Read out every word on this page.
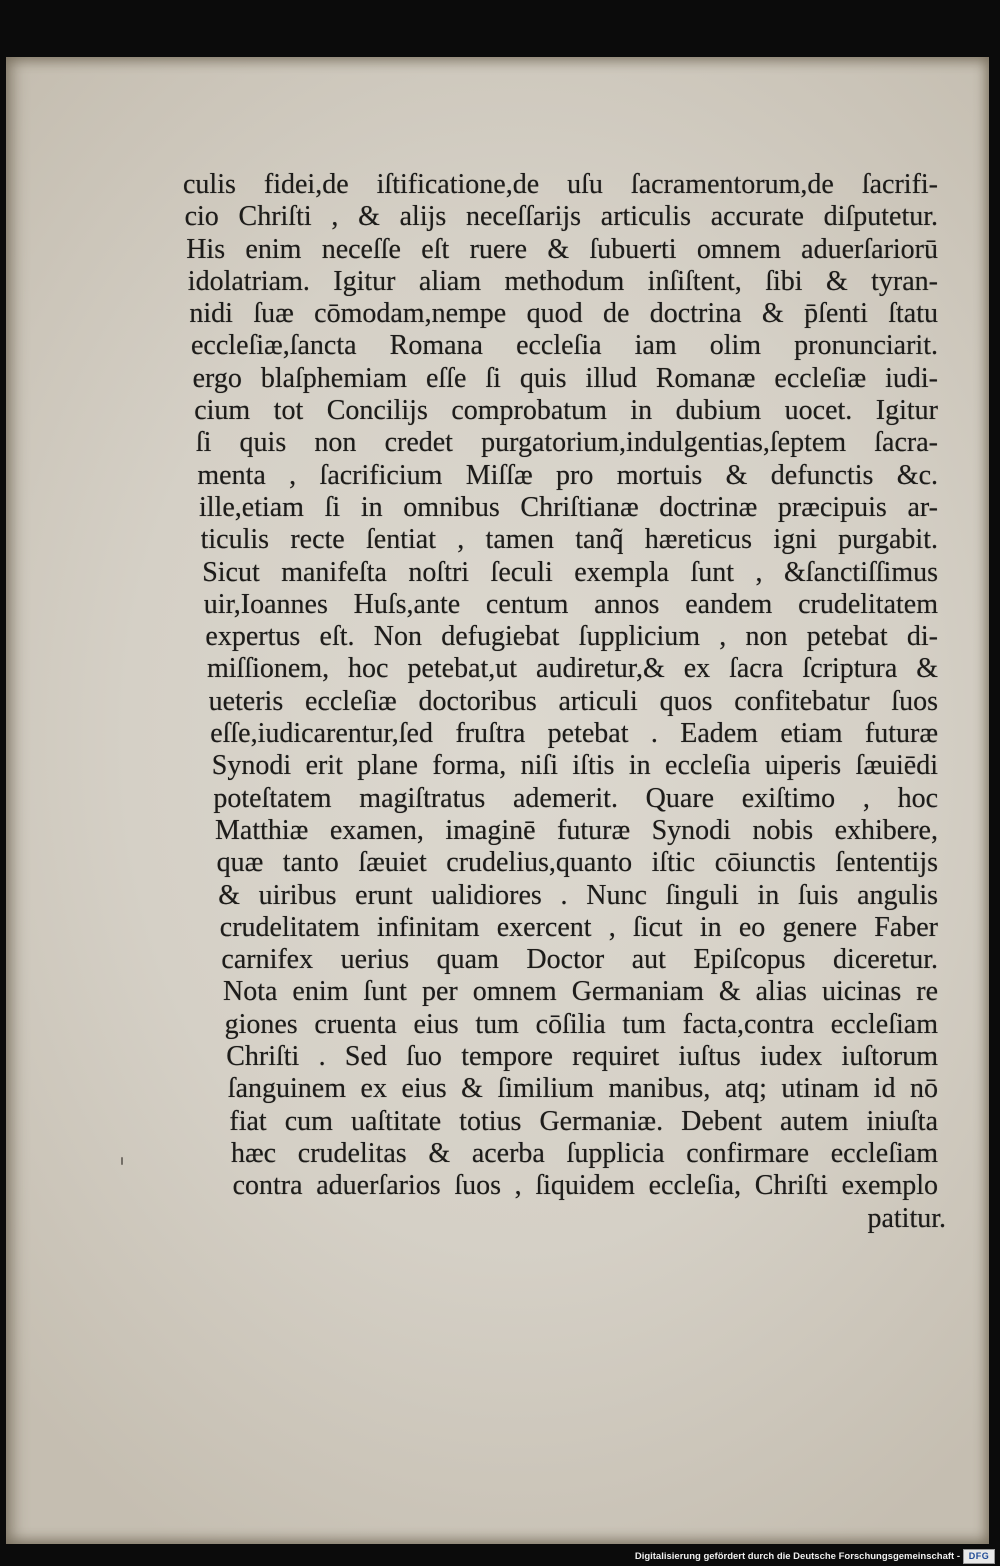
culis fidei,de iſtificatione,de uſu ſacramentorum,de ſacrifi-
cio Chriſti , & alijs neceſſarijs articulis accurate diſputetur.
His enim neceſſe eſt ruere & ſubuerti omnem aduerſariorū
idolatriam. Igitur aliam methodum inſiſtent, ſibi & tyran-
nidi ſuæ cōmodam,nempe quod de doctrina & p̄ſenti ſtatu
eccleſiæ,ſancta Romana eccleſia iam olim pronunciarit.
ergo blaſphemiam eſſe ſi quis illud Romanæ eccleſiæ iudi-
cium tot Concilijs comprobatum in dubium uocet. Igitur
ſi quis non credet purgatorium,indulgentias,ſeptem ſacra-
menta , ſacrificium Miſſæ pro mortuis & defunctis &c.
ille,etiam ſi in omnibus Chriſtianæ doctrinæ præcipuis ar-
ticulis recte ſentiat , tamen tanq̃ hæreticus igni purgabit.
Sicut manifeſta noſtri ſeculi exempla ſunt , &ſanctiſſimus
uir,Ioannes Huſs,ante centum annos eandem crudelitatem
expertus eſt. Non defugiebat ſupplicium , non petebat di-
miſſionem, hoc petebat,ut audiretur,& ex ſacra ſcriptura &
ueteris eccleſiæ doctoribus articuli quos confitebatur ſuos
eſſe,iudicarentur,ſed fruſtra petebat . Eadem etiam futuræ
Synodi erit plane forma, niſi iſtis in eccleſia uiperis ſæuiēdi
poteſtatem magiſtratus ademerit. Quare exiſtimo , hoc
Matthiæ examen, imaginē futuræ Synodi nobis exhibere,
quæ tanto ſæuiet crudelius,quanto iſtic cōiunctis ſententijs
& uiribus erunt ualidiores . Nunc ſinguli in ſuis angulis
crudelitatem infinitam exercent , ſicut in eo genere Faber
carnifex uerius quam Doctor aut Epiſcopus diceretur.
Nota enim ſunt per omnem Germaniam & alias uicinas re
giones cruenta eius tum cōſilia tum facta,contra eccleſiam
Chriſti . Sed ſuo tempore requiret iuſtus iudex iuſtorum
ſanguinem ex eius & ſimilium manibus, atq; utinam id nō
fiat cum uaſtitate totius Germaniæ. Debent autem iniuſta
hæc crudelitas & acerba ſupplicia confirmare eccleſiam
contra aduerſarios ſuos , ſiquidem eccleſia, Chriſti exemplo
patitur.
Digitalisierung gefördert durch die Deutsche Forschungsgemeinschaft - DFG
